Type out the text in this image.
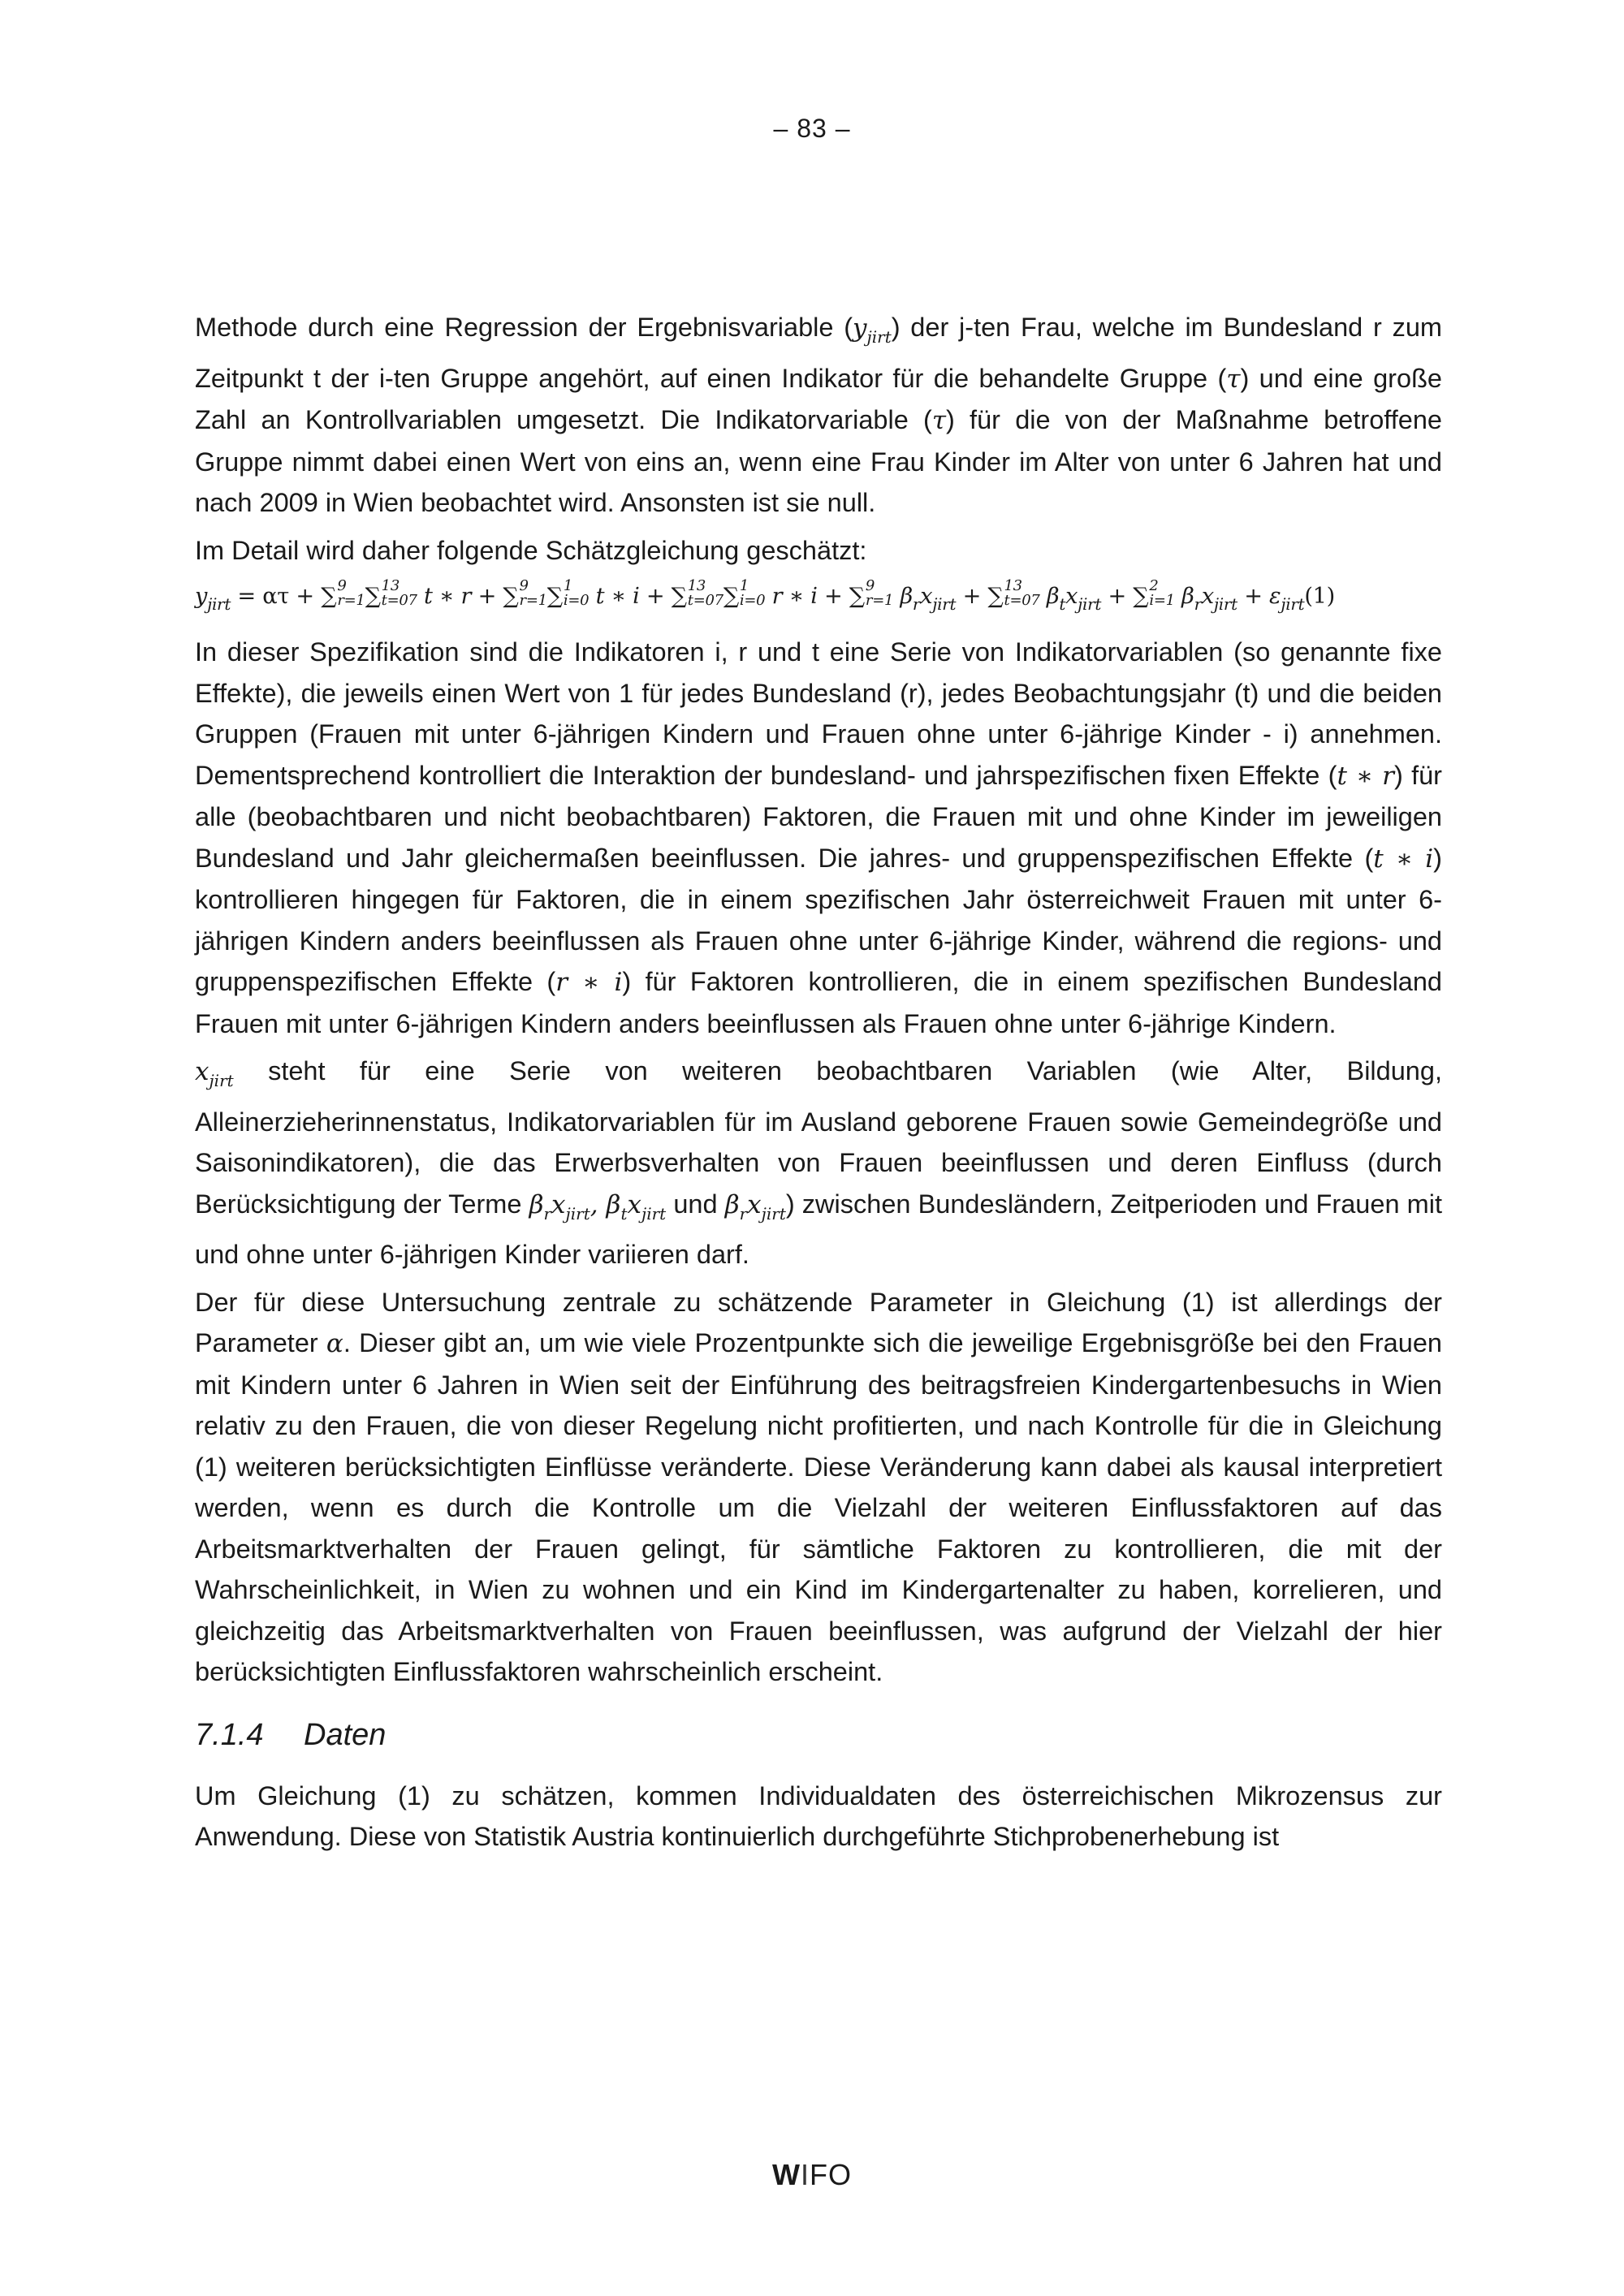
– 83 –

Methode durch eine Regression der Ergebnisvariable $(y_{jirt})$ der j-ten Frau, welche im Bundesland r zum Zeitpunkt t der i-ten Gruppe angehört, auf einen Indikator für die behandelte Gruppe (τ) und eine große Zahl an Kontrollvariablen umgesetzt. Die Indikatorvariable (τ) für die von der Maßnahme betroffene Gruppe nimmt dabei einen Wert von eins an, wenn eine Frau Kinder im Alter von unter 6 Jahren hat und nach 2009 in Wien beobachtet wird. Ansonsten ist sie null.

Im Detail wird daher folgende Schätzgleichung geschätzt:

$y_{jirt} = \alpha\tau$ + ∑ 9
r=1 ∑ 13
t=07 t ∗ r + ∑ 9
r=1 ∑ 1
i=0 t ∗ i + ∑ 13
t=07 ∑ 1
i=0 r ∗ i + ∑ 9
r=1 $\beta_rx_{jirt}$ + ∑ 13
t=07 $\beta_tx_{jirt}$ + ∑ 2
i=1 $\beta_rx_{jirt} + \varepsilon_{jirt}(1)$

In dieser Spezifikation sind die Indikatoren i, r und t eine Serie von Indikatorvariablen (so genannte fixe Effekte), die jeweils einen Wert von 1 für jedes Bundesland (r), jedes Beobachtungsjahr (t) und die beiden Gruppen (Frauen mit unter 6-jährigen Kindern und Frauen ohne unter 6-jährige Kinder - i) annehmen. Dementsprechend kontrolliert die Interaktion der bundesland- und jahrspezifischen fixen Effekte (t ∗ r) für alle (beobachtbaren und nicht beobachtbaren) Faktoren, die Frauen mit und ohne Kinder im jeweiligen Bundesland und Jahr gleichermaßen beeinflussen. Die jahres- und gruppenspezifischen Effekte (t ∗ i) kontrollieren hingegen für Faktoren, die in einem spezifischen Jahr österreichweit Frauen mit unter 6-jährigen Kindern anders beeinflussen als Frauen ohne unter 6-jährige Kinder, während die regions- und gruppenspezifischen Effekte (r ∗ i) für Faktoren kontrollieren, die in einem spezifischen Bundesland Frauen mit unter 6-jährigen Kindern anders beeinflussen als Frauen ohne unter 6-jährige Kindern.

$x_{jirt}$ steht für eine Serie von weiteren beobachtbaren Variablen (wie Alter, Bildung, Alleinerzieherinnenstatus, Indikatorvariablen für im Ausland geborene Frauen sowie Gemeindegröße und Saisonindikatoren), die das Erwerbsverhalten von Frauen beeinflussen und deren Einfluss (durch Berücksichtigung der Terme $\beta_rx_{jirt}$, $\beta_tx_{jirt}$ und $\beta_rx_{jirt}$) zwischen Bundesländern, Zeitperioden und Frauen mit und ohne unter 6-jährigen Kinder variieren darf.

Der für diese Untersuchung zentrale zu schätzende Parameter in Gleichung (1) ist allerdings der Parameter α. Dieser gibt an, um wie viele Prozentpunkte sich die jeweilige Ergebnisgröße bei den Frauen mit Kindern unter 6 Jahren in Wien seit der Einführung des beitragsfreien Kindergartenbesuchs in Wien relativ zu den Frauen, die von dieser Regelung nicht profitierten, und nach Kontrolle für die in Gleichung (1) weiteren berücksichtigten Einflüsse veränderte. Diese Veränderung kann dabei als kausal interpretiert werden, wenn es durch die Kontrolle um die Vielzahl der weiteren Einflussfaktoren auf das Arbeitsmarktverhalten der Frauen gelingt, für sämtliche Faktoren zu kontrollieren, die mit der Wahrscheinlichkeit, in Wien zu wohnen und ein Kind im Kindergartenalter zu haben, korrelieren, und gleichzeitig das Arbeitsmarktverhalten von Frauen beeinflussen, was aufgrund der Vielzahl der hier berücksichtigten Einflussfaktoren wahrscheinlich erscheint.

7.1.4 Daten

Um Gleichung (1) zu schätzen, kommen Individualdaten des österreichischen Mikrozensus zur Anwendung. Diese von Statistik Austria kontinuierlich durchgeführte Stichprobenerhebung ist

WIFO
